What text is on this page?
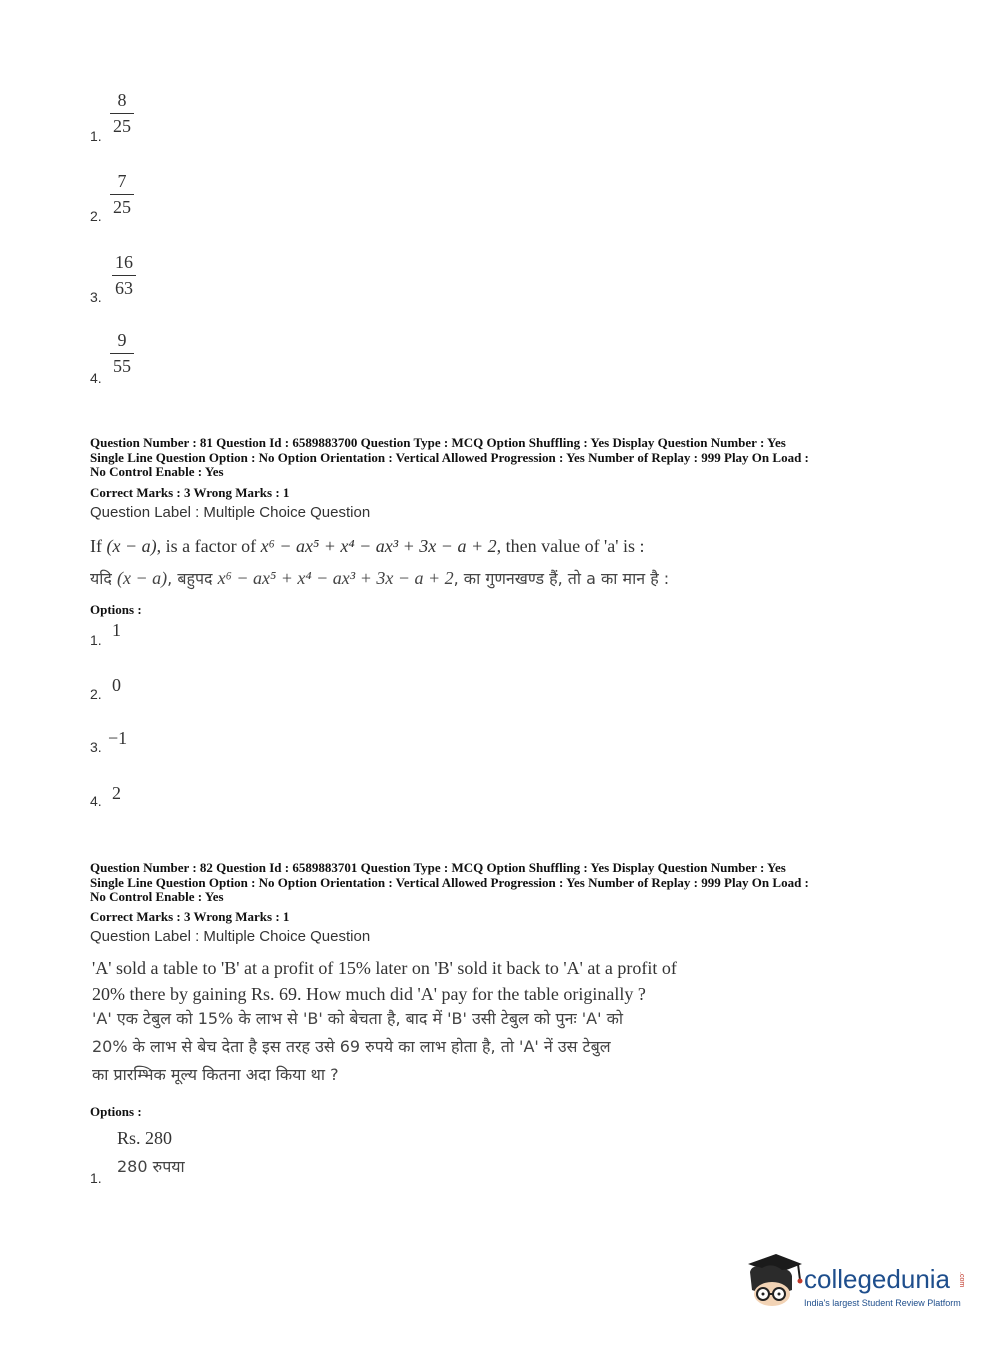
1.
8
25
2.
7
25
3.
16
63
4.
9
55
Question Number : 81 Question Id : 6589883700 Question Type : MCQ Option Shuffling : Yes Display Question Number : Yes
Single Line Question Option : No Option Orientation : Vertical Allowed Progression : Yes Number of Replay : 999 Play On Load :
No Control Enable : Yes
Correct Marks : 3 Wrong Marks : 1
Question Label : Multiple Choice Question
If (x − a), is a factor of x⁶ − ax⁵ + x⁴ − ax³ + 3x − a + 2, then value of 'a' is :
यदि (x − a), बहुपद x⁶ − ax⁵ + x⁴ − ax³ + 3x − a + 2, का गुणनखण्ड हैं, तो a का मान है :
Options :
1. 1
2. 0
3. −1
4. 2
Question Number : 82 Question Id : 6589883701 Question Type : MCQ Option Shuffling : Yes Display Question Number : Yes
Single Line Question Option : No Option Orientation : Vertical Allowed Progression : Yes Number of Replay : 999 Play On Load :
No Control Enable : Yes
Correct Marks : 3 Wrong Marks : 1
Question Label : Multiple Choice Question
'A' sold a table to 'B' at a profit of 15% later on 'B' sold it back to 'A' at a profit of
20% there by gaining Rs. 69. How much did 'A' pay for the table originally ?
'A' एक टेबुल को 15% के लाभ से 'B' को बेचता है, बाद में 'B' उसी टेबुल को पुनः 'A' को
20% के लाभ से बेच देता है इस तरह उसे 69 रुपये का लाभ होता है, तो 'A' नें उस टेबुल
का प्रारम्भिक मूल्य कितना अदा किया था ?
Options :
1.
Rs. 280
280 रुपया
collegedunia .com
India's largest Student Review Platform
